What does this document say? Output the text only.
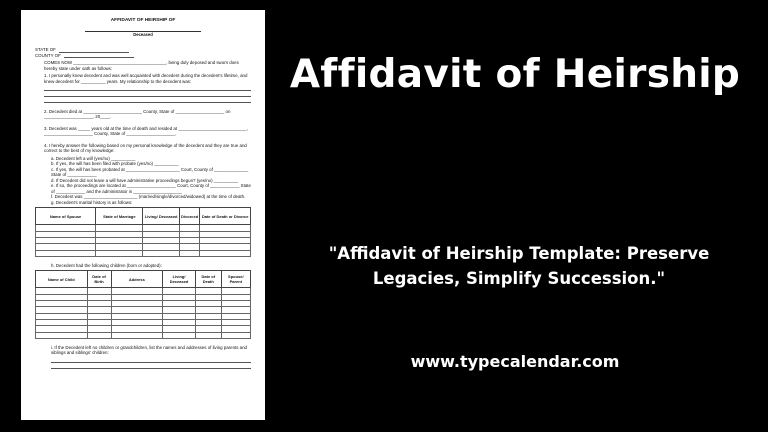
AFFIDAVIT OF HEIRSHIP OF
Deceased
STATE OF
COUNTY OF

COMES NOW ______________________________________, being duly deposed and sworn does hereby state under oath as follows:

1. I personally knew decedent and was well acquainted with decedent during the decedent's lifetime, and knew decedent for __________ years. My relationship to the decedent was:

2. Decedent died at ________________________ County, State of ____________________ on ____________________, 20____.

3. Decedent was _____ years old at the time of death and resided at ____________________________, ____________________ County, State of ____________________.

4. I hereby answer the following based on my personal knowledge of the decedent and they are true and correct to the best of my knowledge:

a. Decedent left a will (yes/no) __________
b. If yes, the will has been filed with probate (yes/no) __________
c. If yes, the will has been probated at ______________________ Court, County of ______________ State of ____________
d. If Decedent did not leave a will have administrative proceedings begun? (yes/no) __________
e. If so, the proceedings are located at ____________________ Court, County of ____________ State of ____________ and the administrator is ____________________
f. Decedent was ______________________ (married/single/divorced/widowed) at the time of death.
g. Decedent's marital history is as follows:
Name of Spouse	State of Marriage	Living/ Deceased	Divorced	Date of Death or Divorce

h. Decedent had the following children (born or adopted):

Name of Child	Date of Birth	Address	Living/ Deceased	Date of Death	Spouse/ Parent

i. If the Decedent left no children or grandchildren, list the names and addresses of living parents and siblings and siblings' children:

Affidavit of Heirship
"Affidavit of Heirship Template: Preserve Legacies, Simplify Succession."
www.typecalendar.com
